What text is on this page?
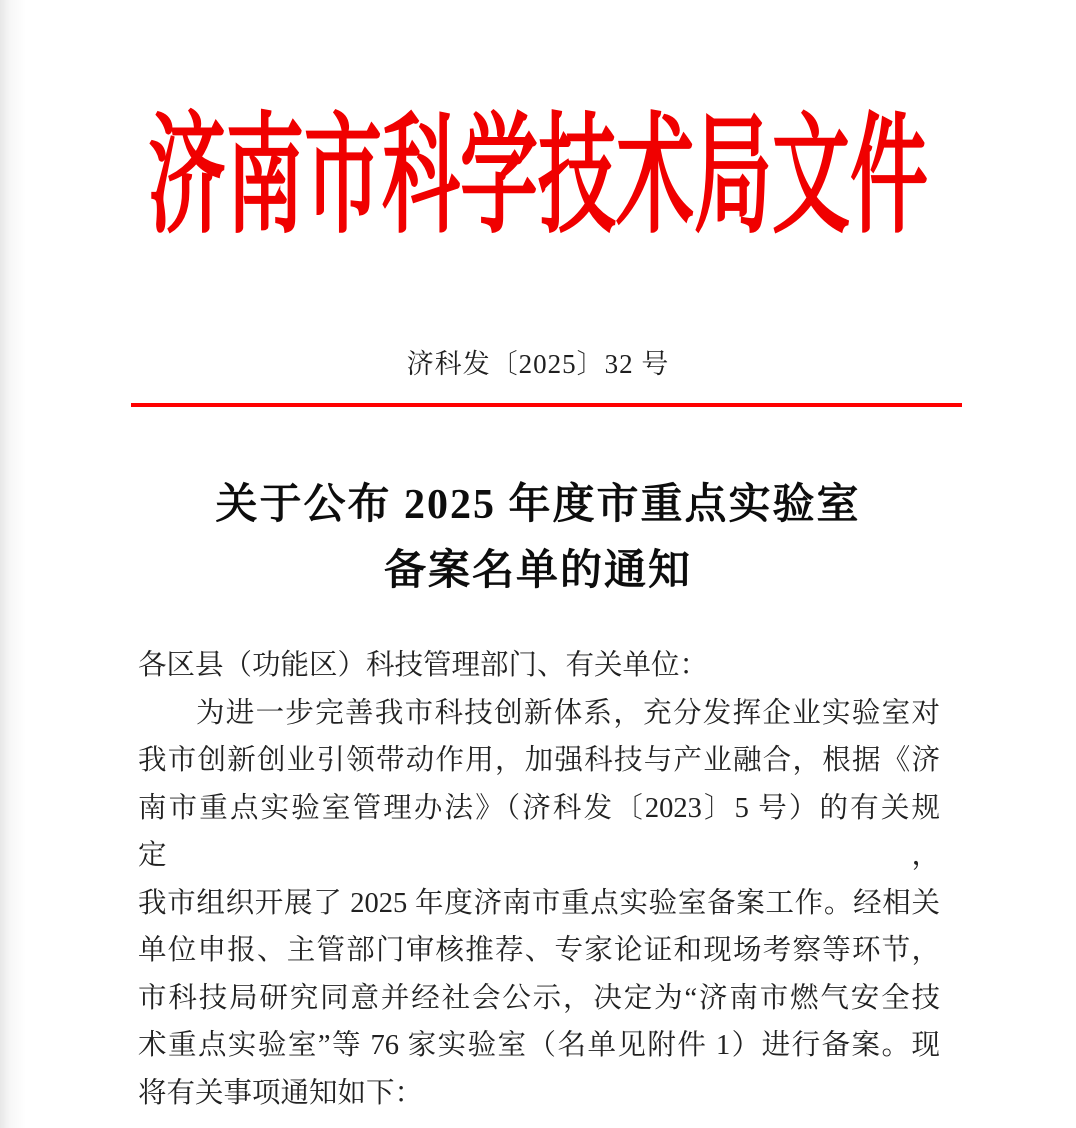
济南市科学技术局文件
济科发〔2025〕32 号
关于公布 2025 年度市重点实验室
备案名单的通知
各区县（功能区）科技管理部门、有关单位：
为进一步完善我市科技创新体系，充分发挥企业实验室对
我市创新创业引领带动作用，加强科技与产业融合，根据《济
南市重点实验室管理办法》（济科发〔2023〕5 号）的有关规定，
我市组织开展了 2025 年度济南市重点实验室备案工作。经相关
单位申报、主管部门审核推荐、专家论证和现场考察等环节，
市科技局研究同意并经社会公示，决定为“济南市燃气安全技
术重点实验室”等 76 家实验室（名单见附件 1）进行备案。现
将有关事项通知如下：
